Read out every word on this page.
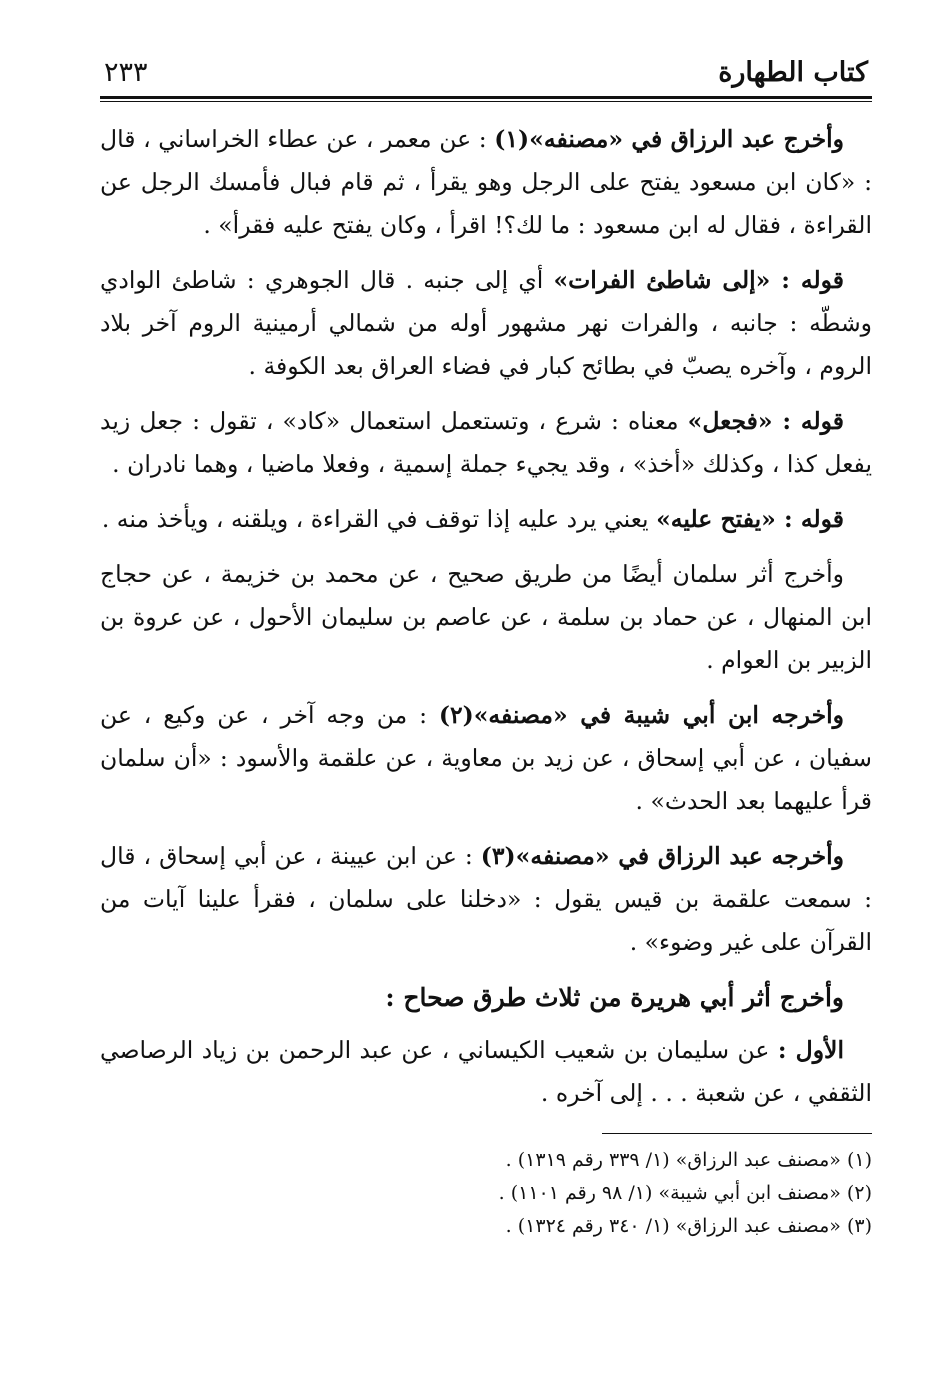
كتاب الطهارة
٢٣٣

وأخرج عبد الرزاق في «مصنفه»(١) : عن معمر ، عن عطاء الخراساني ، قال : «كان ابن مسعود يفتح على الرجل وهو يقرأ ، ثم قام فبال فأمسك الرجل عن القراءة ، فقال له ابن مسعود : ما لك؟! اقرأ ، وكان يفتح عليه فقرأ» .

قوله : «إلى شاطئ الفرات» أي إلى جنبه . قال الجوهري : شاطئ الوادي وشطّه : جانبه ، والفرات نهر مشهور أوله من شمالي أرمينية الروم آخر بلاد الروم ، وآخره يصبّ في بطائح كبار في فضاء العراق بعد الكوفة .

قوله : «فجعل» معناه : شرع ، وتستعمل استعمال «كاد» ، تقول : جعل زيد يفعل كذا ، وكذلك «أخذ» ، وقد يجيء جملة إسمية ، وفعلا ماضيا ، وهما نادران .

قوله : «يفتح عليه» يعني يرد عليه إذا توقف في القراءة ، ويلقنه ، ويأخذ منه .

وأخرج أثر سلمان أيضًا من طريق صحيح ، عن محمد بن خزيمة ، عن حجاج ابن المنهال ، عن حماد بن سلمة ، عن عاصم بن سليمان الأحول ، عن عروة بن الزبير بن العوام .

وأخرجه ابن أبي شيبة في «مصنفه»(٢) : من وجه آخر ، عن وكيع ، عن سفيان ، عن أبي إسحاق ، عن زيد بن معاوية ، عن علقمة والأسود : «أن سلمان قرأ عليهما بعد الحدث» .

وأخرجه عبد الرزاق في «مصنفه»(٣) : عن ابن عيينة ، عن أبي إسحاق ، قال : سمعت علقمة بن قيس يقول : «دخلنا على سلمان ، فقرأ علينا آيات من القرآن على غير وضوء» .

وأخرج أثر أبي هريرة من ثلاث طرق صحاح :

الأول : عن سليمان بن شعيب الكيساني ، عن عبد الرحمن بن زياد الرصاصي الثقفي ، عن شعبة . . . إلى آخره .

(١) «مصنف عبد الرزاق» (١/ ٣٣٩ رقم ١٣١٩) .

(٢) «مصنف ابن أبي شيبة» (١/ ٩٨ رقم ١١٠١) .

(٣) «مصنف عبد الرزاق» (١/ ٣٤٠ رقم ١٣٢٤) .
